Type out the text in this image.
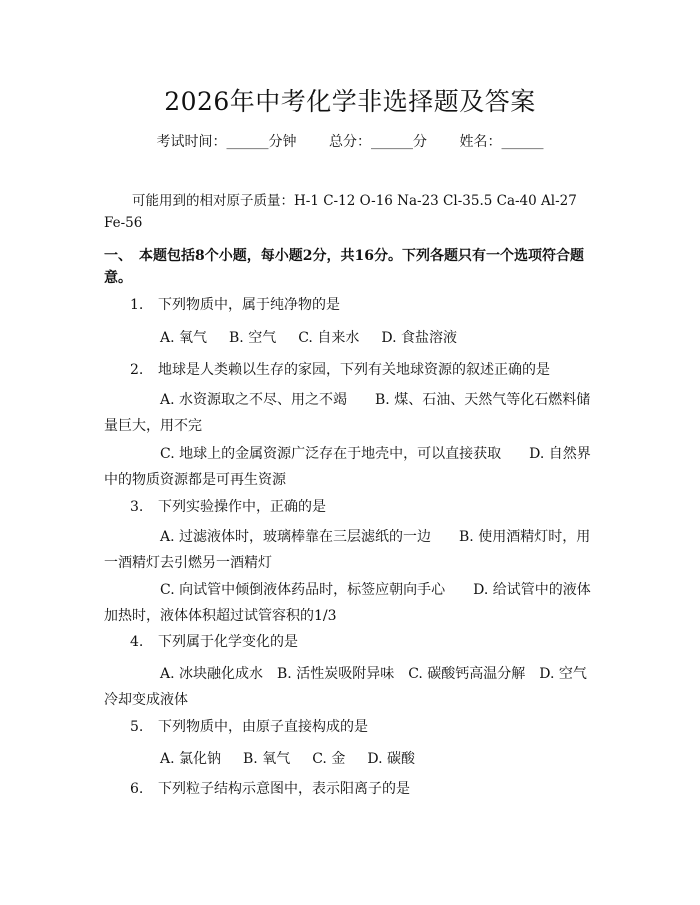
2026年中考化学非选择题及答案
考试时间：______分钟 总分：______分 姓名：______

可能用到的相对原子质量：H-1 C-12 O-16 Na-23 Cl-35.5 Ca-40 Al-27 Fe-56

一、　本题包括8个小题，每小题2分，共16分。下列各题只有一个选项符合题意。

1. 下列物质中，属于纯净物的是

A. 氧气 B. 空气 C. 自来水 D. 食盐溶液

2. 地球是人类赖以生存的家园，下列有关地球资源的叙述正确的是

A. 水资源取之不尽、用之不竭　　B. 煤、石油、天然气等化石燃料储量巨大，用不完

C. 地球上的金属资源广泛存在于地壳中，可以直接获取　　D. 自然界中的物质资源都是可再生资源

3. 下列实验操作中，正确的是

A. 过滤液体时，玻璃棒靠在三层滤纸的一边　　B. 使用酒精灯时，用一酒精灯去引燃另一酒精灯

C. 向试管中倾倒液体药品时，标签应朝向手心　　D. 给试管中的液体加热时，液体体积超过试管容积的1/3

4. 下列属于化学变化的是

A. 冰块融化成水　B. 活性炭吸附异味　C. 碳酸钙高温分解　D. 空气冷却变成液体

5. 下列物质中，由原子直接构成的是

A. 氯化钠 B. 氧气 C. 金 D. 碳酸

6. 下列粒子结构示意图中，表示阳离子的是
